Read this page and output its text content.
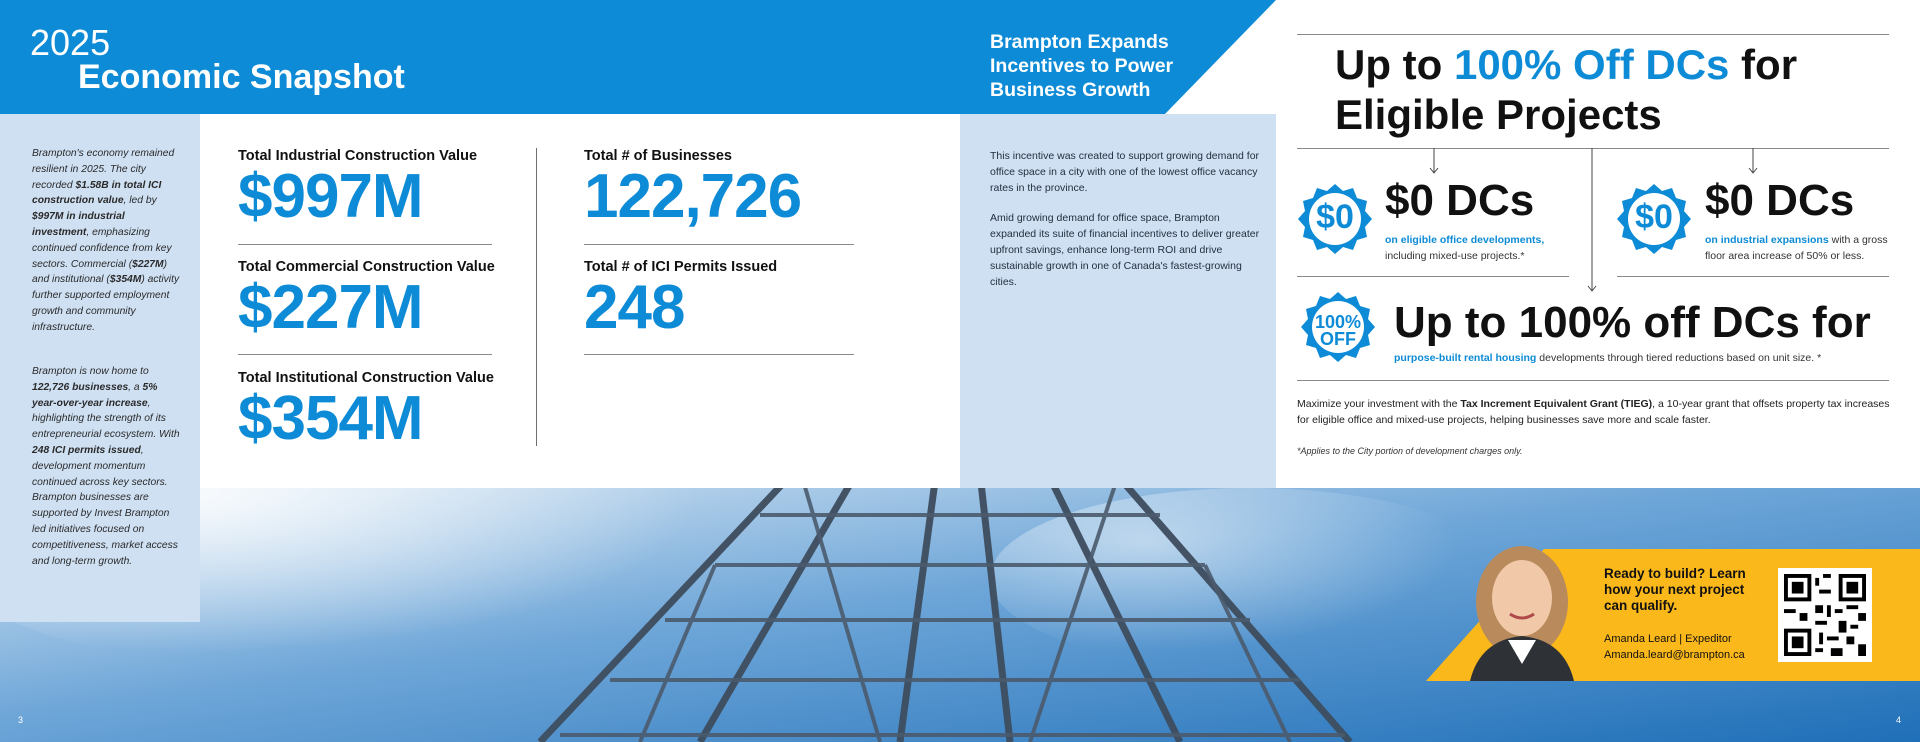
2025
Economic Snapshot
Brampton's economy remained resilient in 2025. The city recorded $1.58B in total ICI construction value, led by $997M in industrial investment, emphasizing continued confidence from key sectors. Commercial ($227M) and institutional ($354M) activity further supported employment growth and community infrastructure.
Brampton is now home to 122,726 businesses, a 5% year-over-year increase, highlighting the strength of its entrepreneurial ecosystem. With 248 ICI permits issued, development momentum continued across key sectors. Brampton businesses are supported by Invest Brampton led initiatives focused on competitiveness, market access and long-term growth.
Total Industrial Construction Value
$997M
Total Commercial Construction Value
$227M
Total Institutional Construction Value
$354M
Total # of Businesses
122,726
Total # of ICI Permits Issued
248
Brampton Expands Incentives to Power Business Growth
This incentive was created to support growing demand for office space in a city with one of the lowest office vacancy rates in the province.
Amid growing demand for office space, Brampton expanded its suite of financial incentives to deliver greater upfront savings, enhance long-term ROI and drive sustainable growth in one of Canada's fastest-growing cities.
Up to 100% Off DCs for Eligible Projects
$0 $0 DCs
on eligible office developments, including mixed-use projects.*
$0 $0 DCs
on industrial expansions with a gross floor area increase of 50% or less.
100%
OFF Up to 100% off DCs for
purpose-built rental housing developments through tiered reductions based on unit size. *
Maximize your investment with the Tax Increment Equivalent Grant (TIEG), a 10-year grant that offsets property tax increases for eligible office and mixed-use projects, helping businesses save more and scale faster.
*Applies to the City portion of development charges only.
Ready to build? Learn how your next project can qualify.
Amanda Leard | Expeditor
Amanda.leard@brampton.ca
3	4
